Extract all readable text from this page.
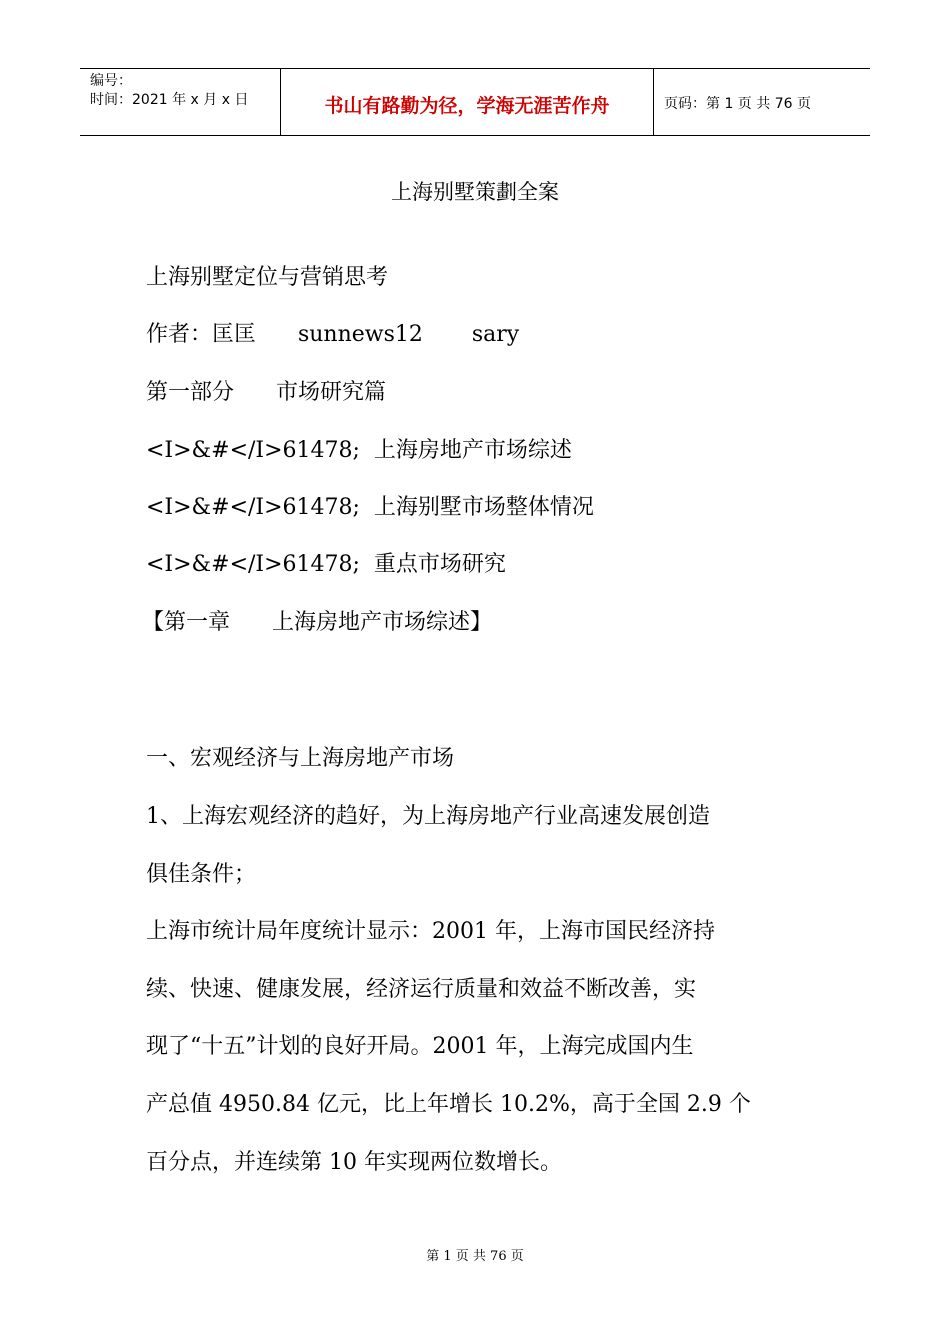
编号：
时间：2021 年 x 月 x 日	书山有路勤为径，学海无涯苦作舟	页码：第 1 页 共 76 页
上海别墅策劃全案
上海别墅定位与营销思考
作者：匡匡      sunnews12       sary
第一部分      市场研究篇
<I>&#</I>61478;  上海房地产市场综述
<I>&#</I>61478;  上海别墅市场整体情况
<I>&#</I>61478;  重点市场研究
【第一章      上海房地产市场综述】
一、宏观经济与上海房地产市场
1、上海宏观经济的趋好，为上海房地产行业高速发展创造
俱佳条件；
上海市统计局年度统计显示：2001 年，上海市国民经济持
续、快速、健康发展，经济运行质量和效益不断改善，实
现了“十五”计划的良好开局。2001 年，上海完成国内生
产总值 4950.84 亿元，比上年增长 10.2%，高于全国 2.9 个
百分点，并连续第 10 年实现两位数增长。
第 1 页 共 76 页
